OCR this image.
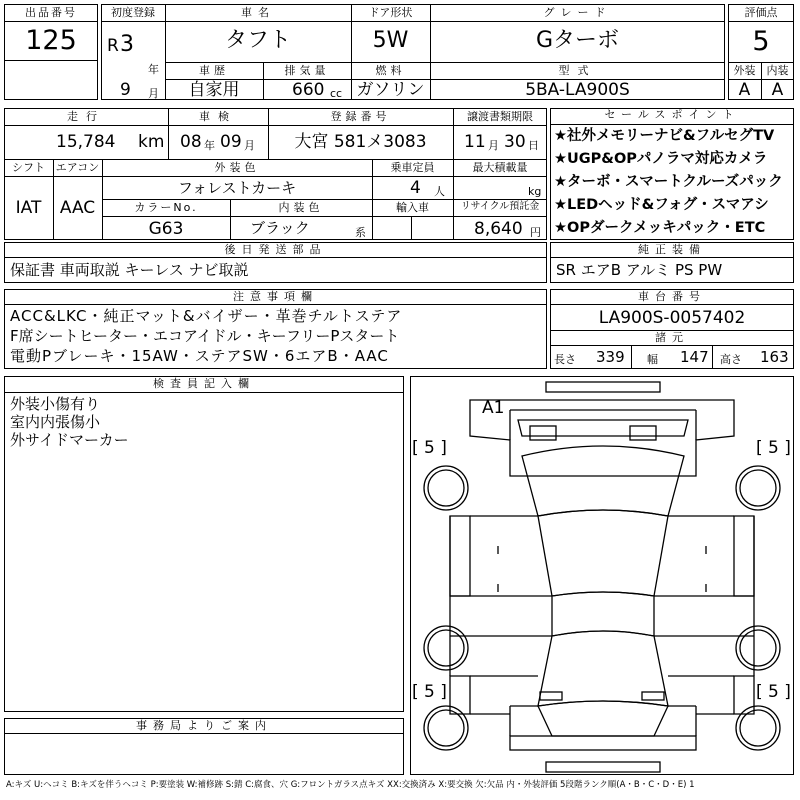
出品番号
125
初度登録
R 3
年
9 月
車名
タフト
ドア形状
5W
グレード
Gターボ
車歴
自家用
排気量
660 cc
燃料
ガソリン
型式
5BA-LA900S
評価点
5
外装	内装
A	A
走行
15,784 km
車検
08 年 09 月
登録番号
大宮 581メ3083
譲渡書類期限
11 月 30 日
シフト エアコン
IAT	AAC
外装色
フォレストカーキ
乗車定員
4 人
最大積載量
kg
カラーNo.
G63
内装色
ブラック	系
輸入車	リサイクル預託金
8,640 円
セールスポイント
★社外メモリーナビ&フルセグTV
★UGP&OPパノラマ対応カメラ
★ターボ・スマートクルーズパック
★LEDヘッド&フォグ・スマアシ
★OPダークメッキパック・ETC
後日発送部品
保証書 車両取説 キーレス ナビ取説
純正装備
SR エアB アルミ PS PW
注意事項欄
ACC&LKC・純正マット&バイザー・革巻チルトステア
F席シートヒーター・エコアイドル・キーフリーPスタート
電動Pブレーキ・15AW・ステアSW・6エアB・AAC
車台番号
LA900S-0057402
諸元
長さ 339 幅 147 高さ 163
検査員記入欄
外装小傷有り
室内内張傷小
外サイドマーカー
A1
[ 5 ]	[ 5 ]
[ 5 ]	[ 5 ]
事務局よりご案内
A:キズ U:ヘコミ B:キズを伴うヘコミ P:要塗装 W:補修跡 S:錆 C:腐食、穴 G:フロントガラス点キズ XX:交換済み X:要交換 欠:欠品 内・外装評価 5段階ランク順(A・B・C・D・E) 1
